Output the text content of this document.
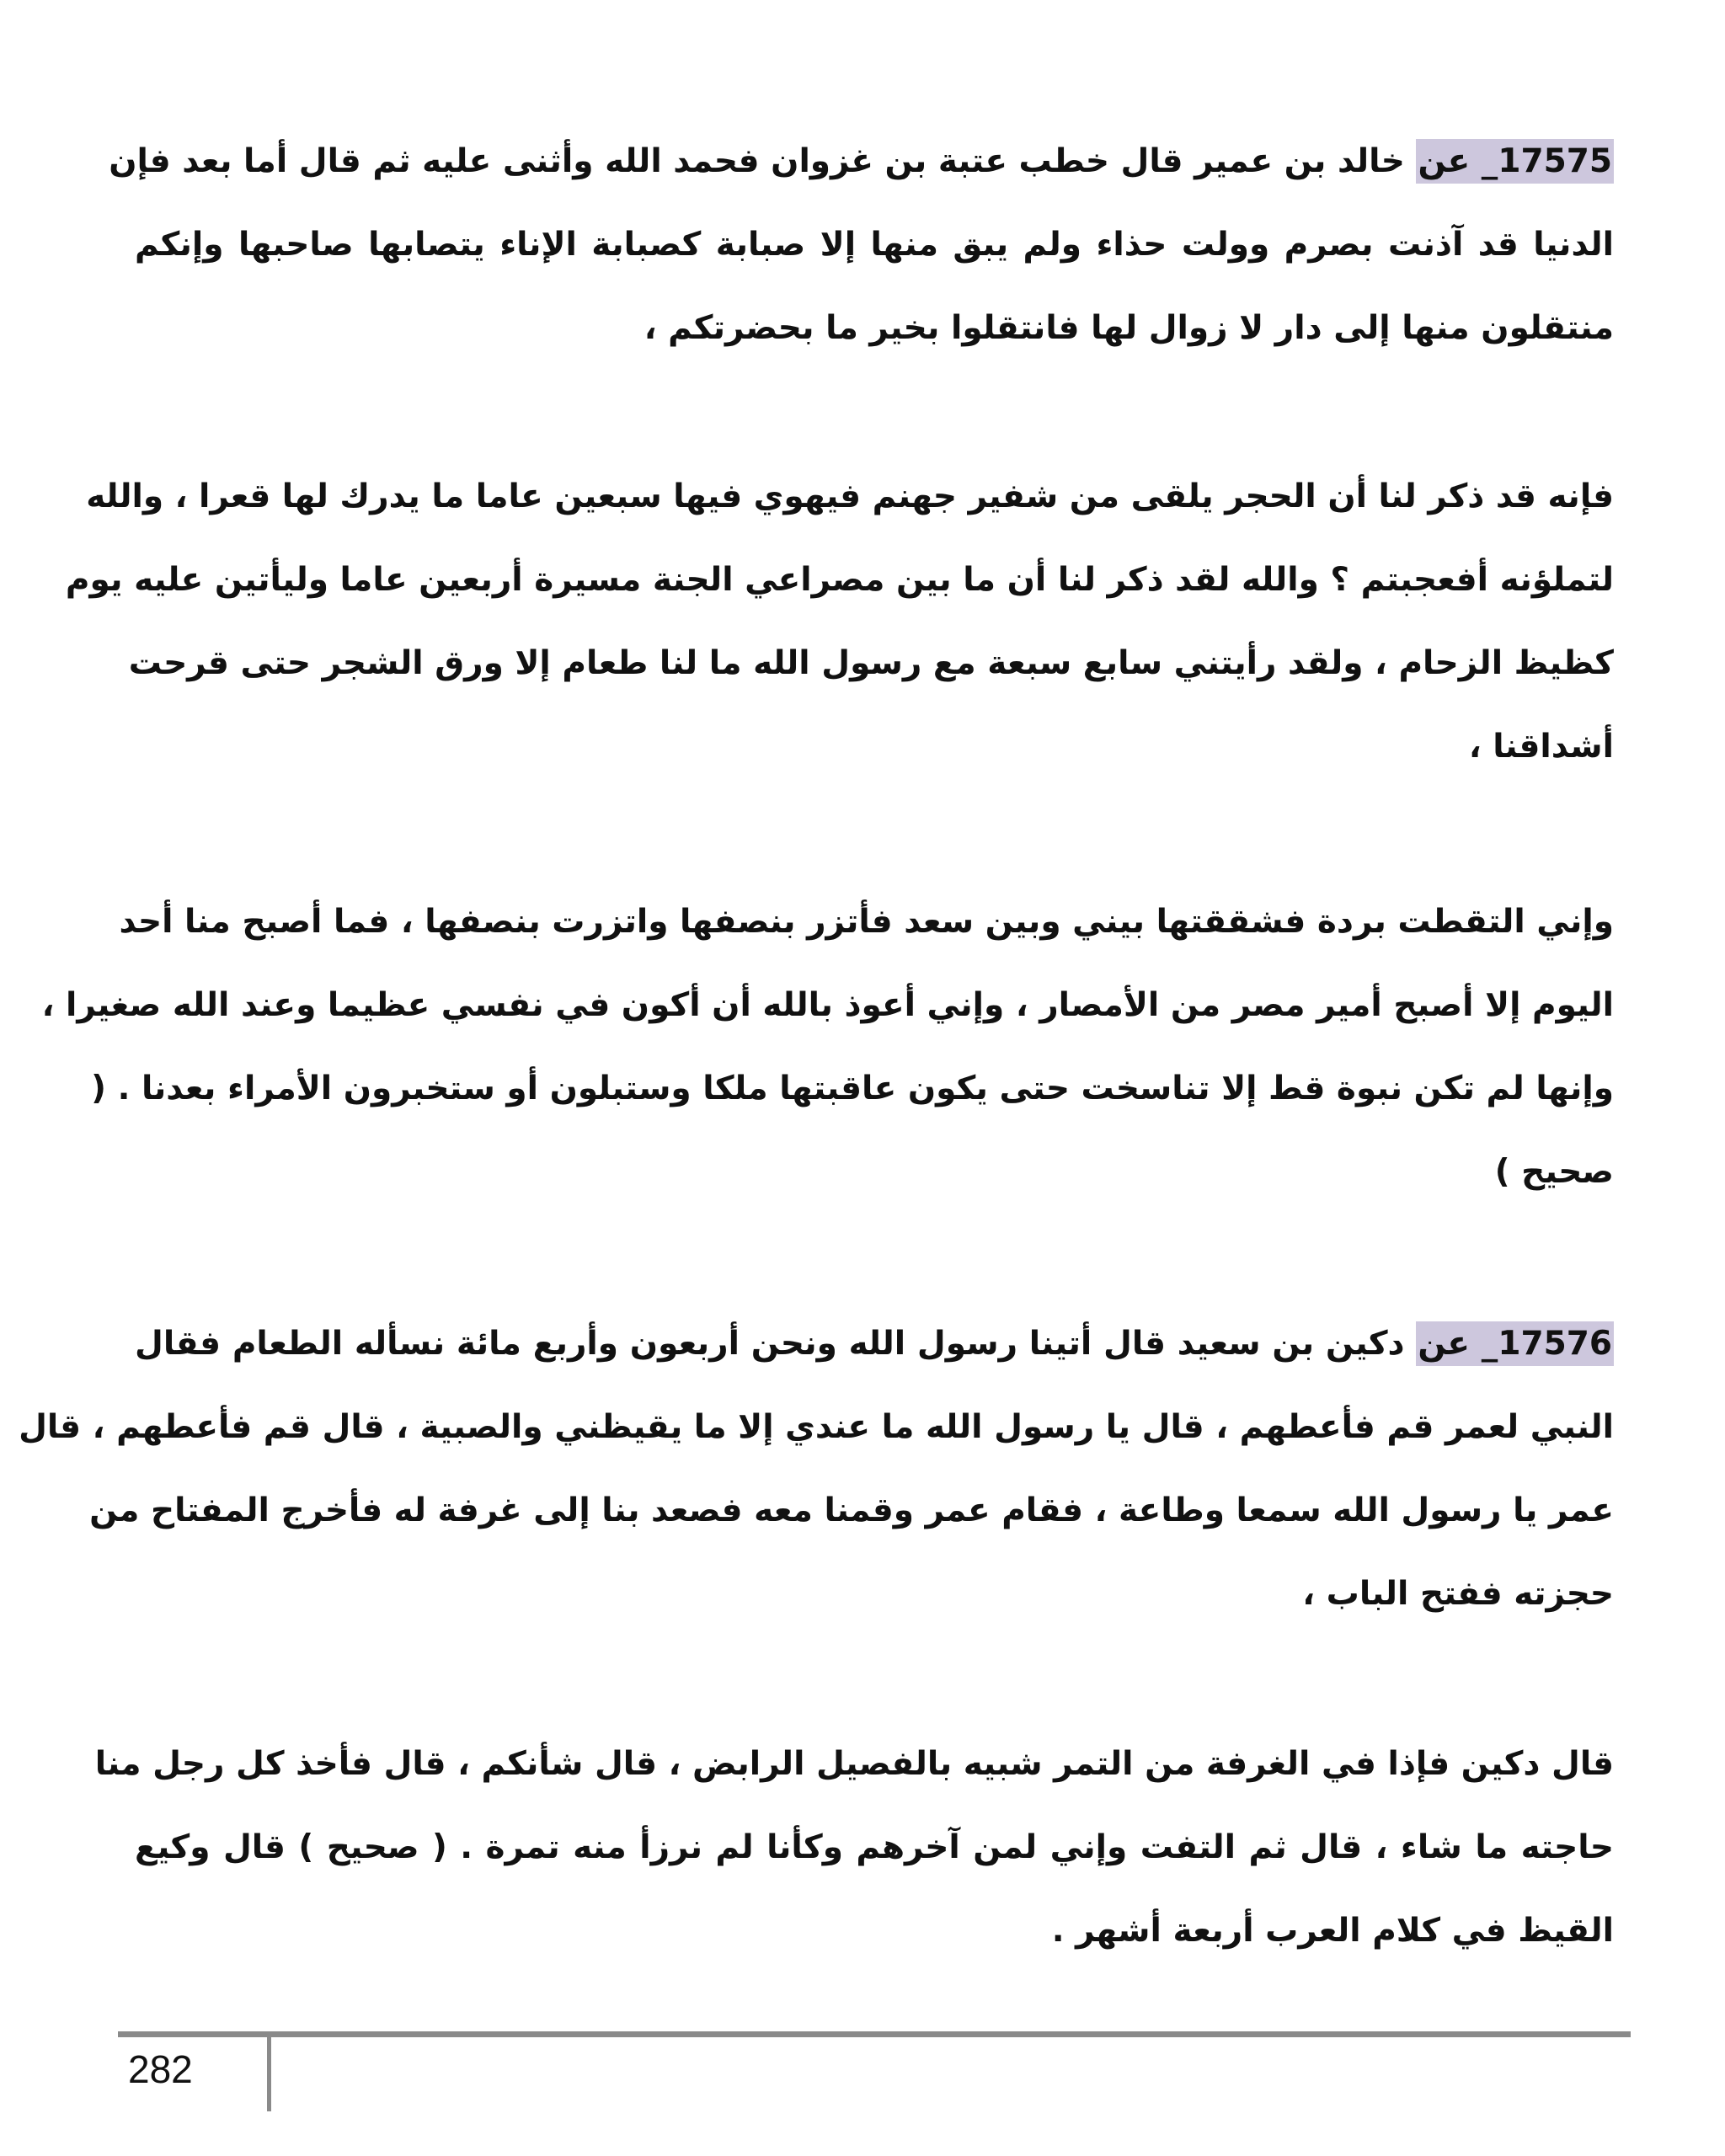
17575_ عن خالد بن عمير قال خطب عتبة بن غزوان فحمد الله وأثنى عليه ثم قال أما بعد فإن
الدنيا قد آذنت بصرم وولت حذاء ولم يبق منها إلا صبابة كصبابة الإناء يتصابها صاحبها وإنكم
منتقلون منها إلى دار لا زوال لها فانتقلوا بخير ما بحضرتكم ،
فإنه قد ذكر لنا أن الحجر يلقى من شفير جهنم فيهوي فيها سبعين عاما ما يدرك لها قعرا ، والله
لتملؤنه أفعجبتم ؟ والله لقد ذكر لنا أن ما بين مصراعي الجنة مسيرة أربعين عاما وليأتين عليه يوم
كظيظ الزحام ، ولقد رأيتني سابع سبعة مع رسول الله ما لنا طعام إلا ورق الشجر حتى قرحت
أشداقنا ،
وإني التقطت بردة فشققتها بيني وبين سعد فأتزر بنصفها واتزرت بنصفها ، فما أصبح منا أحد
اليوم إلا أصبح أمير مصر من الأمصار ، وإني أعوذ بالله أن أكون في نفسي عظيما وعند الله صغيرا ،
وإنها لم تكن نبوة قط إلا تناسخت حتى يكون عاقبتها ملكا وستبلون أو ستخبرون الأمراء بعدنا . (
صحيح )
17576_ عن دكين بن سعيد قال أتينا رسول الله ونحن أربعون وأربع مائة نسأله الطعام فقال
النبي لعمر قم فأعطهم ، قال يا رسول الله ما عندي إلا ما يقيظني والصبية ، قال قم فأعطهم ، قال
عمر يا رسول الله سمعا وطاعة ، فقام عمر وقمنا معه فصعد بنا إلى غرفة له فأخرج المفتاح من
حجزته ففتح الباب ،
قال دكين فإذا في الغرفة من التمر شبيه بالفصيل الرابض ، قال شأنكم ، قال فأخذ كل رجل منا
حاجته ما شاء ، قال ثم التفت وإني لمن آخرهم وكأنا لم نرزأ منه تمرة . ( صحيح ) قال وكيع
القيظ في كلام العرب أربعة أشهر .
282
